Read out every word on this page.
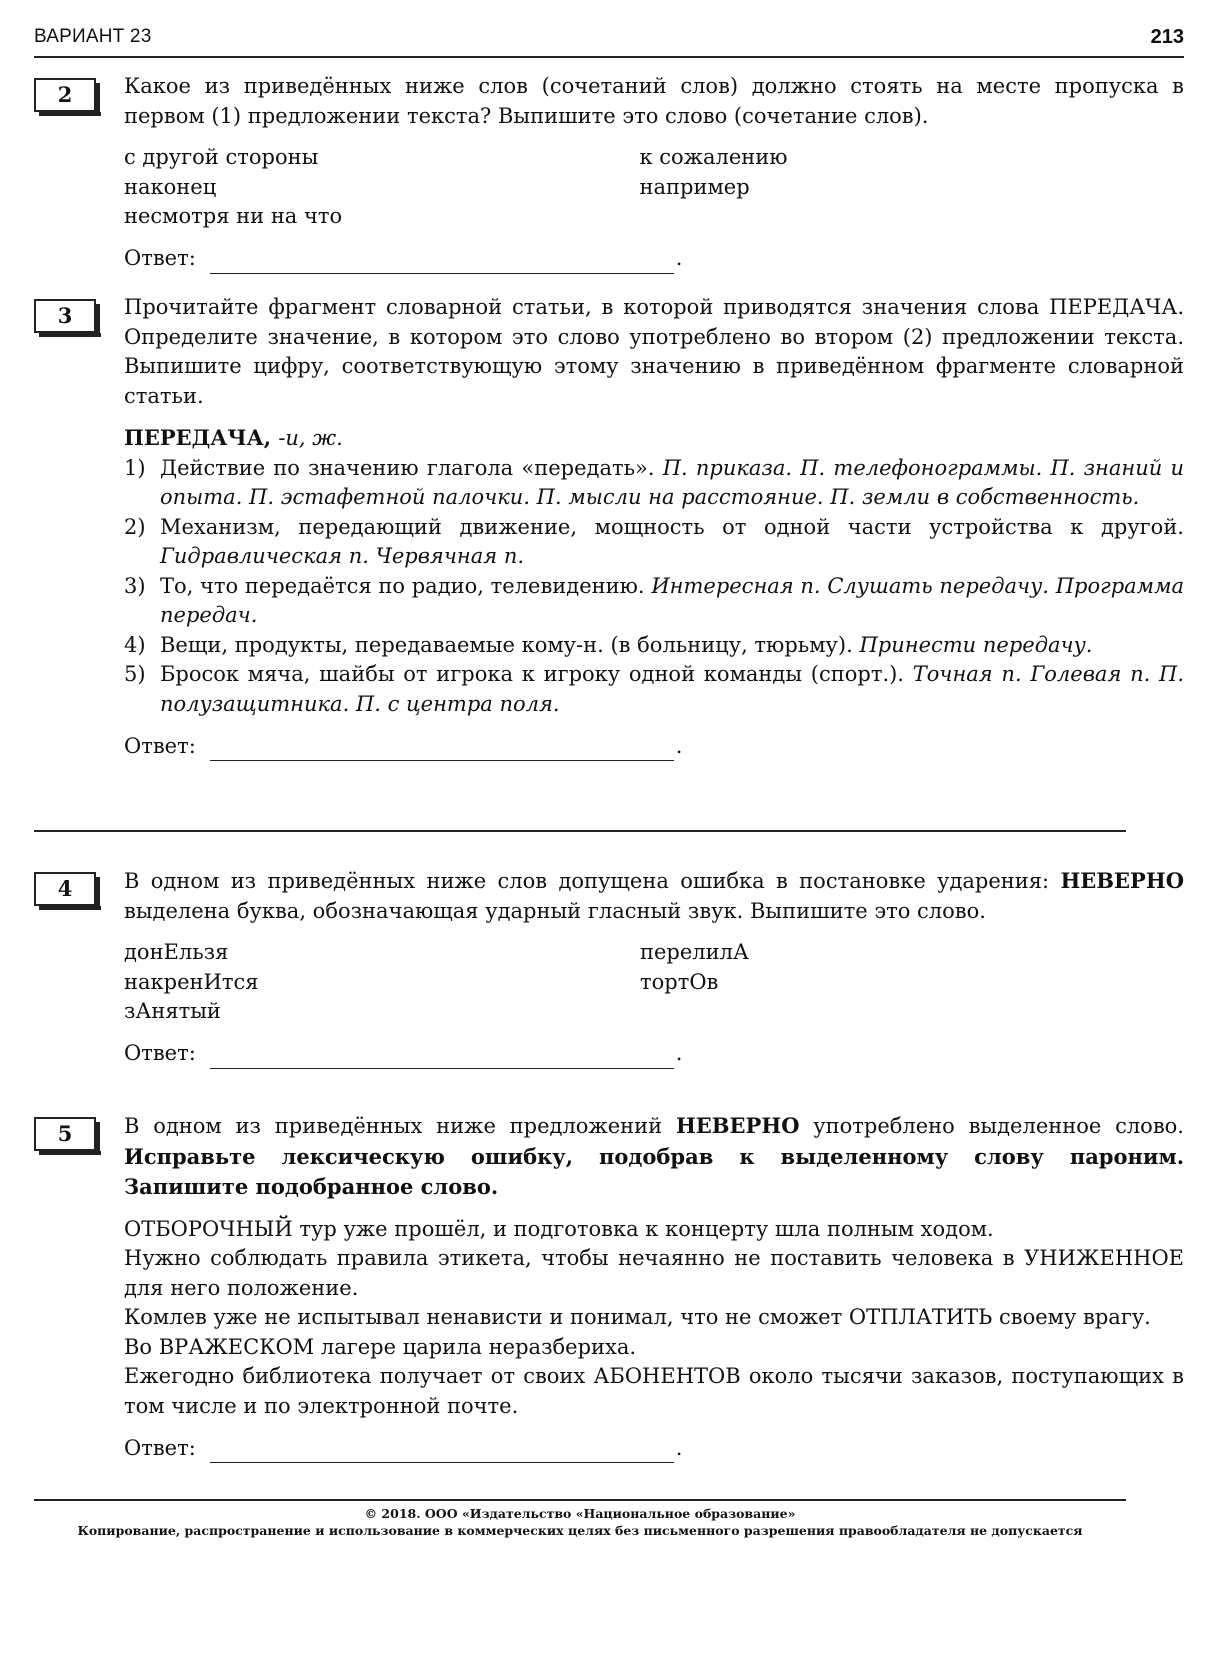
ВАРИАНТ 23	213
2	Какое из приведённых ниже слов (сочетаний слов) должно стоять на месте пропуска в первом (1) предложении текста? Выпишите это слово (сочетание слов).

с другой стороны
наконец
несмотря ни на что
к сожалению
например
Ответ:	.
3	Прочитайте фрагмент словарной статьи, в которой приводятся значения слова ПЕРЕДАЧА. Определите значение, в котором это слово употреблено во втором (2) предложении текста. Выпишите цифру, соответствующую этому значению в приведённом фрагменте словарной статьи.

ПЕРЕДАЧА, -и, ж.
1) Действие по значению глагола «передать». П. приказа. П. телефонограммы. П. знаний и опыта. П. эстафетной палочки. П. мысли на расстояние. П. земли в собственность.
2) Механизм, передающий движение, мощность от одной части устройства к другой. Гидравлическая п. Червячная п.
3) То, что передаётся по радио, телевидению. Интересная п. Слушать передачу. Программа передач.
4) Вещи, продукты, передаваемые кому-н. (в больницу, тюрьму). Принести передачу.
5) Бросок мяча, шайбы от игрока к игроку одной команды (спорт.). Точная п. Голевая п. П. полузащитника. П. с центра поля.
Ответ:	.
4	В одном из приведённых ниже слов допущена ошибка в постановке ударения: НЕВЕРНО выделена буква, обозначающая ударный гласный звук. Выпишите это слово.

донЕльзя
накренИтся
зАнятый
перелилА
тортОв
Ответ:	.
5	В одном из приведённых ниже предложений НЕВЕРНО употреблено выделенное слово. Исправьте лексическую ошибку, подобрав к выделенному слову пароним. Запишите подобранное слово.

ОТБОРОЧНЫЙ тур уже прошёл, и подготовка к концерту шла полным ходом.

Нужно соблюдать правила этикета, чтобы нечаянно не поставить человека в УНИЖЕННОЕ для него положение.

Комлев уже не испытывал ненависти и понимал, что не сможет ОТПЛАТИТЬ своему врагу.

Во ВРАЖЕСКОМ лагере царила неразбериха.

Ежегодно библиотека получает от своих АБОНЕНТОВ около тысячи заказов, поступающих в том числе и по электронной почте.

Ответ:	.
© 2018. ООО «Издательство «Национальное образование»
Копирование, распространение и использование в коммерческих целях без письменного разрешения правообладателя не допускается
